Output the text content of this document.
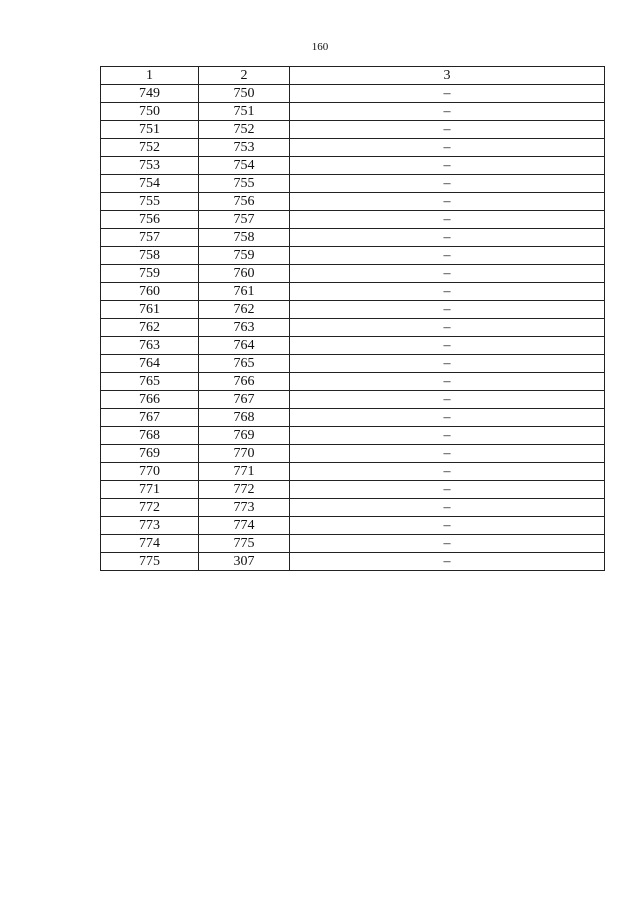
160
1	2	3
749	750	–
750	751	–
751	752	–
752	753	–
753	754	–
754	755	–
755	756	–
756	757	–
757	758	–
758	759	–
759	760	–
760	761	–
761	762	–
762	763	–
763	764	–
764	765	–
765	766	–
766	767	–
767	768	–
768	769	–
769	770	–
770	771	–
771	772	–
772	773	–
773	774	–
774	775	–
775	307	–
